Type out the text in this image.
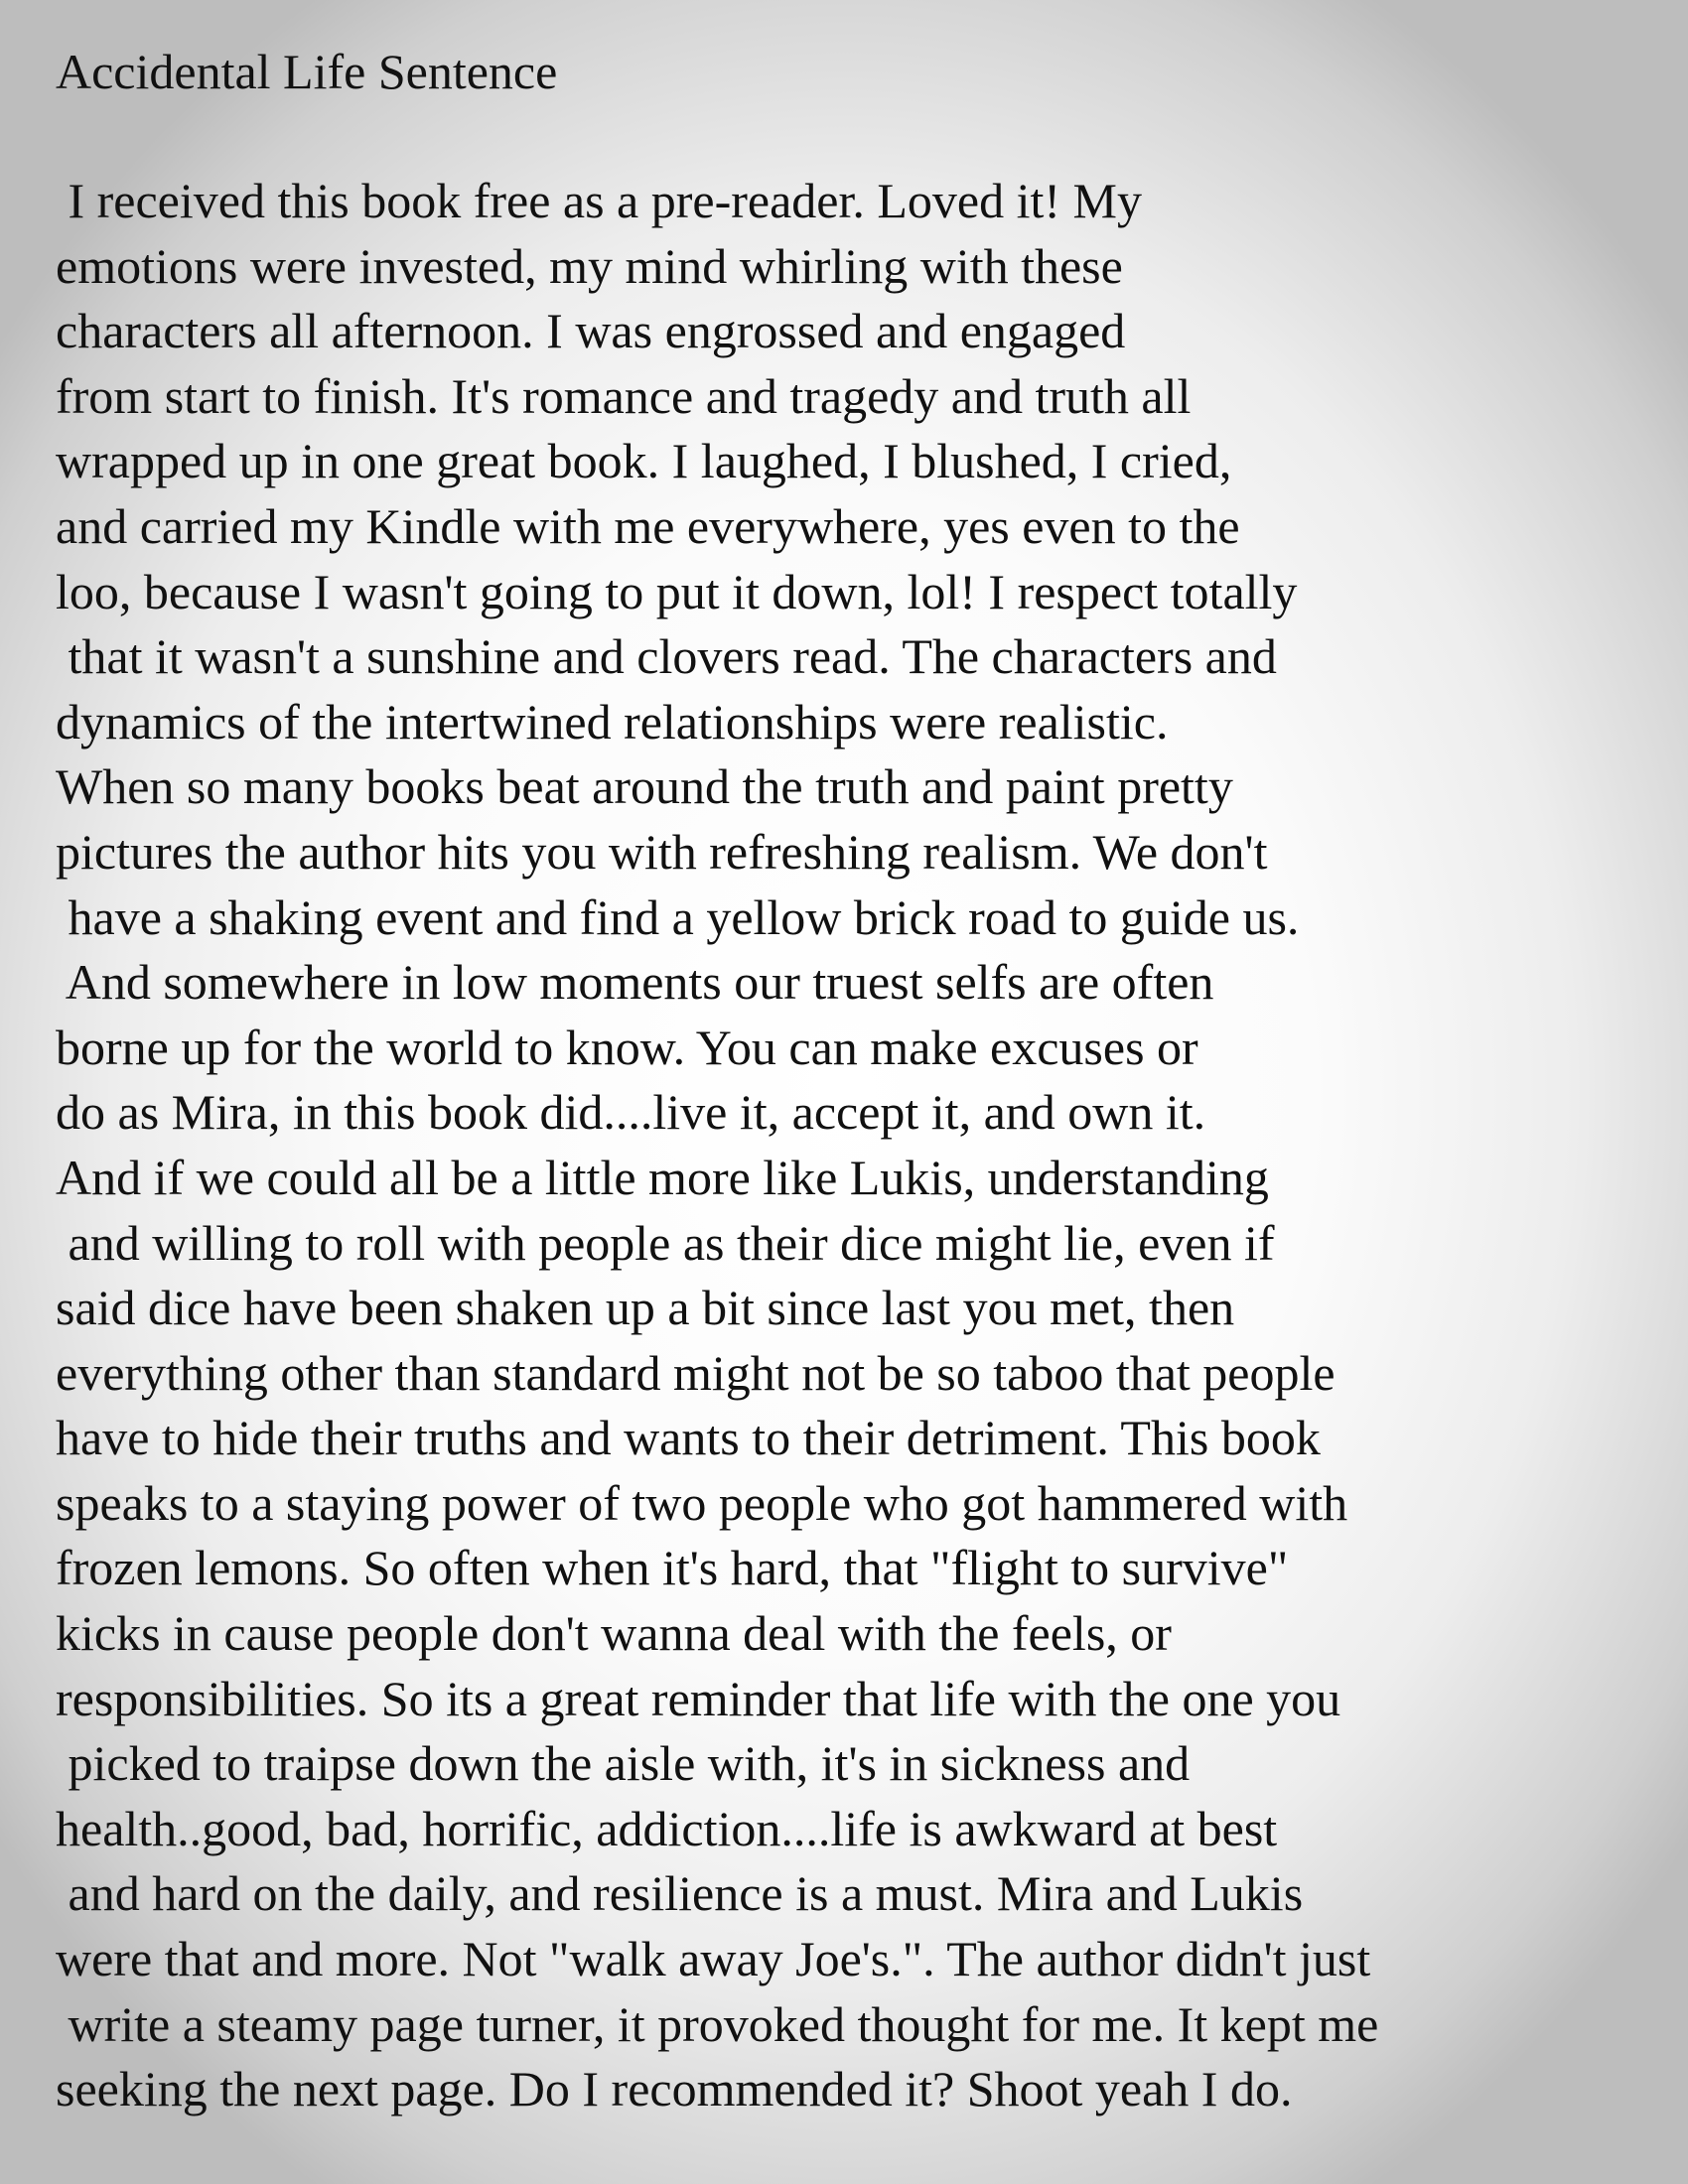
Accidental Life Sentence
I received this book free as a pre-reader. Loved it! My
emotions were invested, my mind whirling with these
characters all afternoon. I was engrossed and engaged
from start to finish. It's romance and tragedy and truth all
wrapped up in one great book. I laughed, I blushed, I cried,
and carried my Kindle with me everywhere, yes even to the
loo, because I wasn't going to put it down, lol! I respect totally
that it wasn't a sunshine and clovers read. The characters and
dynamics of the intertwined relationships were realistic.
When so many books beat around the truth and paint pretty
pictures the author hits you with refreshing realism. We don't
have a shaking event and find a yellow brick road to guide us.
And somewhere in low moments our truest selfs are often
borne up for the world to know. You can make excuses or
do as Mira, in this book did....live it, accept it, and own it.
And if we could all be a little more like Lukis, understanding
and willing to roll with people as their dice might lie, even if
said dice have been shaken up a bit since last you met, then
everything other than standard might not be so taboo that people
have to hide their truths and wants to their detriment. This book
speaks to a staying power of two people who got hammered with
frozen lemons. So often when it's hard, that "flight to survive"
kicks in cause people don't wanna deal with the feels, or
responsibilities. So its a great reminder that life with the one you
picked to traipse down the aisle with, it's in sickness and
health..good, bad, horrific, addiction....life is awkward at best
and hard on the daily, and resilience is a must. Mira and Lukis
were that and more. Not "walk away Joe's.". The author didn't just
write a steamy page turner, it provoked thought for me. It kept me
seeking the next page. Do I recommended it? Shoot yeah I do.
